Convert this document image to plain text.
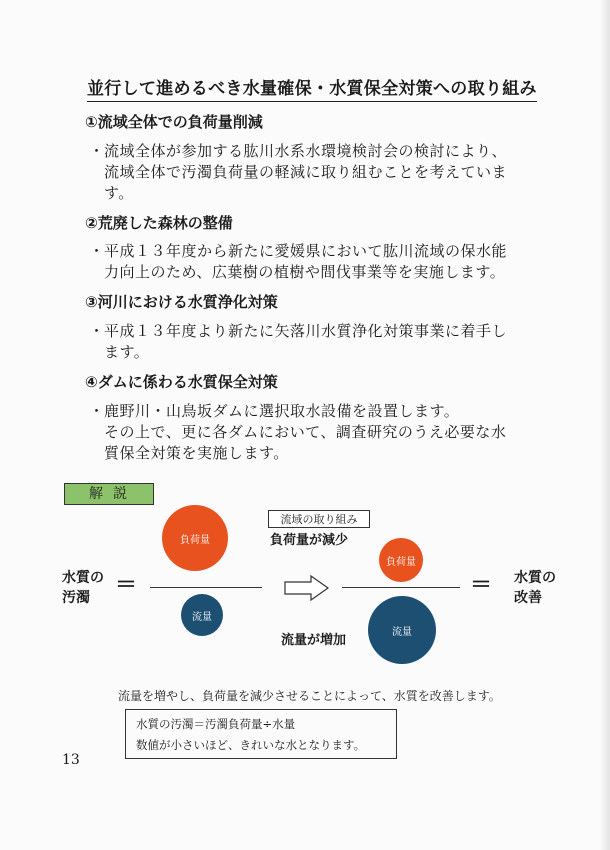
並行して進めるべき水量確保・水質保全対策への取り組み
①流域全体での負荷量削減
・ 流域全体が参加する肱川水系水環境検討会の検討により、
流域全体で汚濁負荷量の軽減に取り組むことを考えていま
す。
②荒廃した森林の整備
・ 平成１３年度から新たに愛媛県において肱川流域の保水能
力向上のため、広葉樹の植樹や間伐事業等を実施します。
③河川における水質浄化対策
・ 平成１３年度より新たに矢落川水質浄化対策事業に着手し
ます。
④ダムに係わる水質保全対策
・ 鹿野川・山鳥坂ダムに選択取水設備を設置します。
その上で、更に各ダムにおいて、調査研究のうえ必要な水
質保全対策を実施します。
解説
水質の
汚濁 ＝
負荷量
流量
流域の取り組み
負荷量が減少
負荷量
流量
流量が増加
＝ 水質の
改善
流量を増やし、負荷量を減少させることによって、水質を改善します。
水質の汚濁＝汚濁負荷量÷水量
数値が小さいほど、きれいな水となります。
13
